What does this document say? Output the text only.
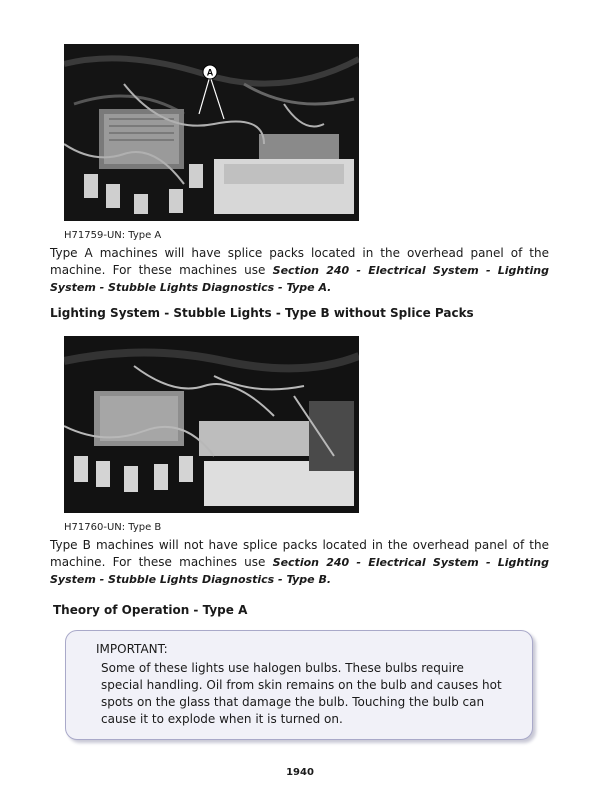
A
H71759-UN: Type A

Type A machines will have splice packs located in the overhead panel of the machine. For these machines use Section 240 - Electrical System - Lighting System - Stubble Lights Diagnostics - Type A.

Lighting System - Stubble Lights - Type B without Splice Packs
H71760-UN: Type B

Type B machines will not have splice packs located in the overhead panel of the machine. For these machines use Section 240 - Electrical System - Lighting System - Stubble Lights Diagnostics - Type B.

Theory of Operation - Type A
IMPORTANT:

Some of these lights use halogen bulbs. These bulbs require special handling. Oil from skin remains on the bulb and causes hot spots on the glass that damage the bulb. Touching the bulb can cause it to explode when it is turned on.

1940
